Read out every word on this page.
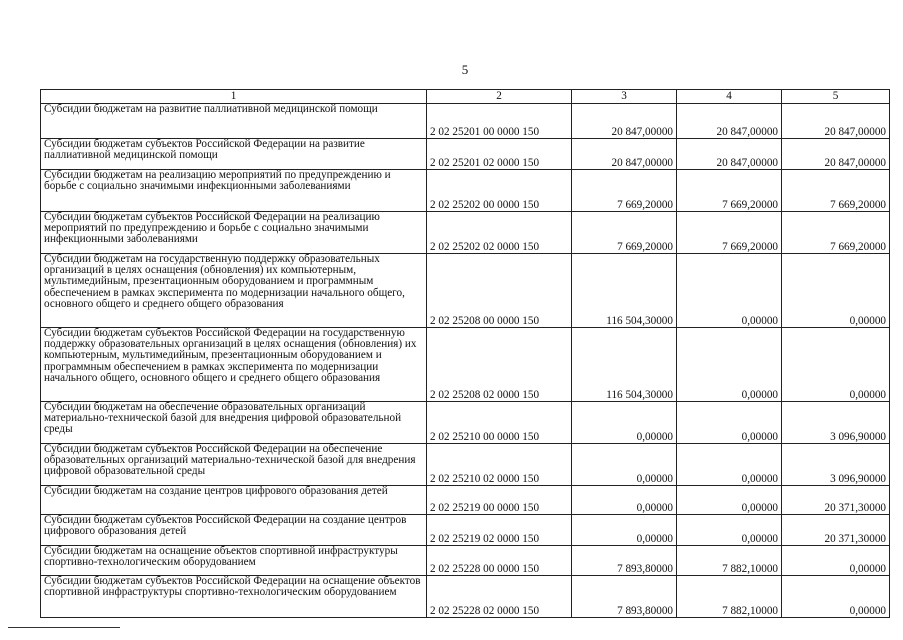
5
1	2	3	4	5
Субсидии бюджетам на развитие паллиативной медицинской помощи	2 02 25201 00 0000 150	20 847,00000	20 847,00000	20 847,00000
Субсидии бюджетам субъектов Российской Федерации на развитие паллиативной медицинской помощи	2 02 25201 02 0000 150	20 847,00000	20 847,00000	20 847,00000
Субсидии бюджетам на реализацию мероприятий по предупреждению и борьбе с социально значимыми инфекционными заболеваниями	2 02 25202 00 0000 150	7 669,20000	7 669,20000	7 669,20000
Субсидии бюджетам субъектов Российской Федерации на реализацию мероприятий по предупреждению и борьбе с социально значимыми инфекционными заболеваниями	2 02 25202 02 0000 150	7 669,20000	7 669,20000	7 669,20000
Субсидии бюджетам на государственную поддержку образовательных организаций в целях оснащения (обновления) их компьютерным, мультимедийным, презентационным оборудованием и программным обеспечением в рамках эксперимента по модернизации начального общего, основного общего и среднего общего образования	2 02 25208 00 0000 150	116 504,30000	0,00000	0,00000
Субсидии бюджетам субъектов Российской Федерации на государственную поддержку образовательных организаций в целях оснащения (обновления) их компьютерным, мультимедийным, презентационным оборудованием и программным обеспечением в рамках эксперимента по модернизации начального общего, основного общего и среднего общего образования	2 02 25208 02 0000 150	116 504,30000	0,00000	0,00000
Субсидии бюджетам на обеспечение образовательных организаций материально-технической базой для внедрения цифровой образовательной среды	2 02 25210 00 0000 150	0,00000	0,00000	3 096,90000
Субсидии бюджетам субъектов Российской Федерации на обеспечение образовательных организаций материально-технической базой для внедрения цифровой образовательной среды	2 02 25210 02 0000 150	0,00000	0,00000	3 096,90000
Субсидии бюджетам на создание центров цифрового образования детей	2 02 25219 00 0000 150	0,00000	0,00000	20 371,30000
Субсидии бюджетам субъектов Российской Федерации на создание центров цифрового образования детей	2 02 25219 02 0000 150	0,00000	0,00000	20 371,30000
Субсидии бюджетам на оснащение объектов спортивной инфраструктуры спортивно-технологическим оборудованием	2 02 25228 00 0000 150	7 893,80000	7 882,10000	0,00000
Субсидии бюджетам субъектов Российской Федерации на оснащение объектов спортивной инфраструктуры спортивно-технологическим оборудованием	2 02 25228 02 0000 150	7 893,80000	7 882,10000	0,00000
